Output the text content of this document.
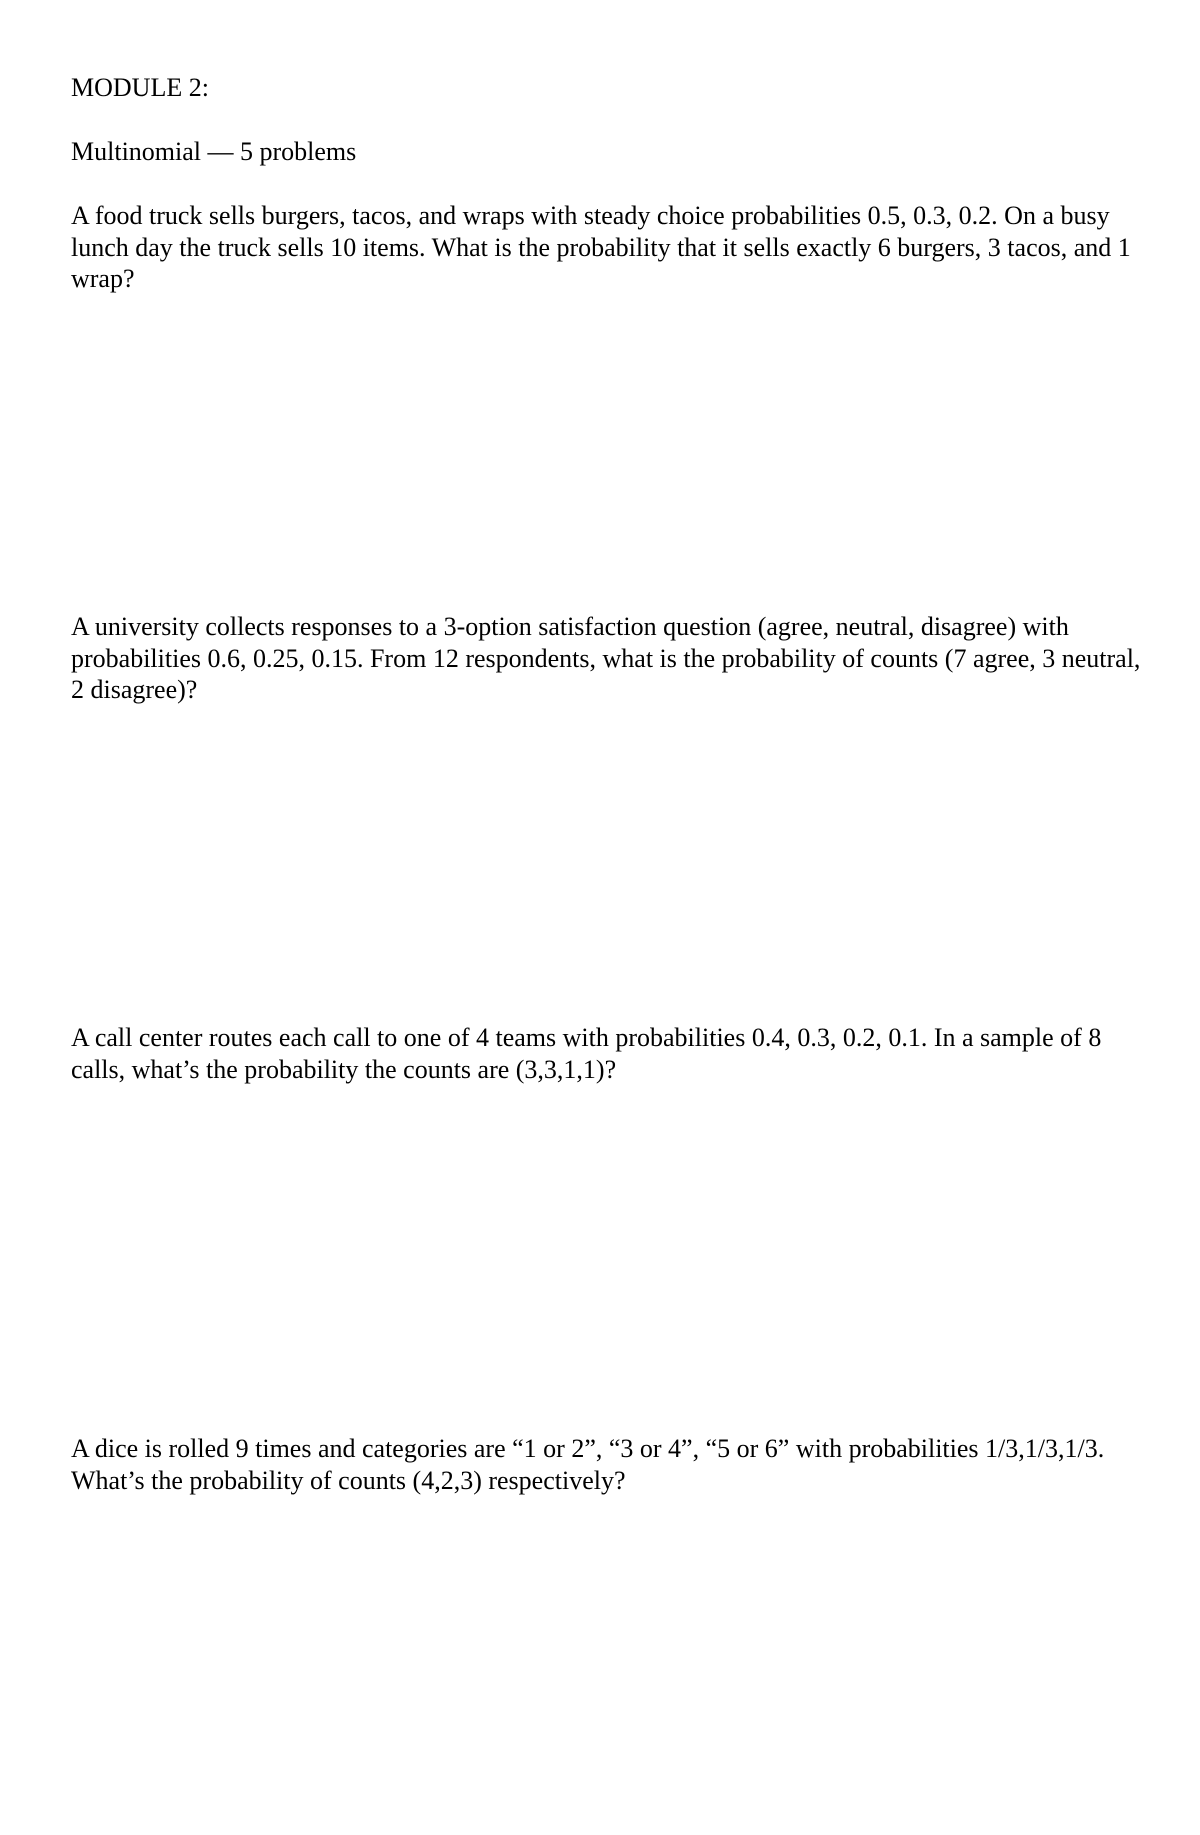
MODULE 2:
Multinomial — 5 problems

A food truck sells burgers, tacos, and wraps with steady choice probabilities 0.5, 0.3, 0.2. On a busy lunch day the truck sells 10 items. What is the probability that it sells exactly 6 burgers, 3 tacos, and 1 wrap?

A university collects responses to a 3-option satisfaction question (agree, neutral, disagree) with probabilities 0.6, 0.25, 0.15. From 12 respondents, what is the probability of counts (7 agree, 3 neutral, 2 disagree)?

A call center routes each call to one of 4 teams with probabilities 0.4, 0.3, 0.2, 0.1. In a sample of 8 calls, what’s the probability the counts are (3,3,1,1)?

A dice is rolled 9 times and categories are “1 or 2”, “3 or 4”, “5 or 6” with probabilities 1/3,1/3,1/3. What’s the probability of counts (4,2,3) respectively?
